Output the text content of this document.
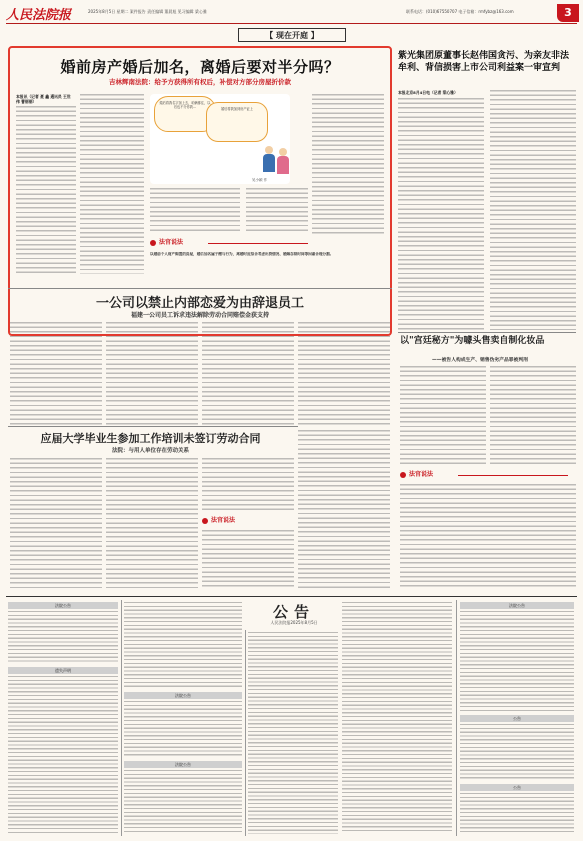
人民法院报	2025年8月5日 星期二 案件报告 责任编辑 董晨旭 见习编辑 梁心雅	联系电话：(010)67550707 电子信箱：rmfybz@163.com	3
【 现在开庭 】
婚前房产婚后加名，离婚后要对半分吗？
吉林辉南法院：给予方获得所有权后，补偿对方部分房屋折价款
本报讯（记者 聂 鑫 通讯员 王世伟 曹丽丽）	婚后将我名字加上去，咱俩都住，以后也不分你我…	婚后将我加到房产证上
吴小颖 作
法官说法
以婚前个人财产购置的房屋，婚后加名属于赠与行为，离婚时应综合考虑出资情况、婚姻存续时间等因素合理分割。
紫光集团原董事长赵伟国贪污、为亲友非法牟利、背信损害上市公司利益案一审宣判
本报北京8月4日电（记者 梁心雅）
一公司以禁止内部恋爱为由辞退员工
福建一公司员工诉求违法解除劳动合同赔偿金获支持
法官说法
应届大学毕业生参加工作培训未签订劳动合同
法院：与用人单位存在劳动关系
法官说法
以"宫廷秘方"为噱头售卖自制化妆品
——被告人构成生产、销售伪劣产品罪被判刑
公告
人民法院报2025年8月5日
法院公告
遗失声明
法院公告
法院公告
法院公告
公告
公告
